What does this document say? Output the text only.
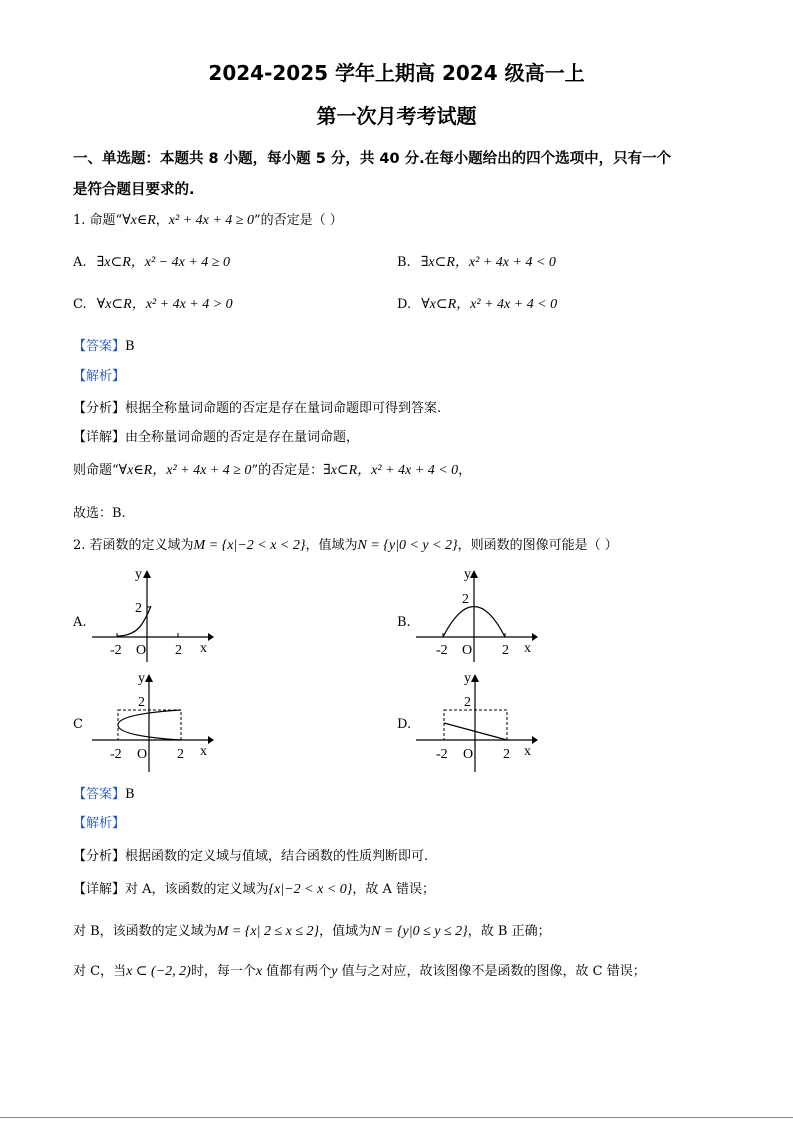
2024-2025 学年上期高 2024 级高一上
第一次月考考试题
一、单选题：本题共 8 小题，每小题 5 分，共 40 分.在每小题给出的四个选项中，只有一个
是符合题目要求的.
1. 命题“∀x∈R，x² + 4x + 4 ≥ 0”的否定是（ ）
A. ∃x⊂R，x² − 4x + 4 ≥ 0	B. ∃x⊂R，x² + 4x + 4 < 0
C. ∀x⊂R，x² + 4x + 4 > 0	D. ∀x⊂R，x² + 4x + 4 < 0
【答案】B
【解析】
【分析】根据全称量词命题的否定是存在量词命题即可得到答案.
【详解】由全称量词命题的否定是存在量词命题，
则命题“∀x∈R，x² + 4x + 4 ≥ 0”的否定是：∃x⊂R，x² + 4x + 4 < 0，
故选：B.
2. 若函数的定义域为M = {x|−2 < x < 2}，值域为N = {y|0 < y < 2}，则函数的图像可能是（ ）
A.	B.
C	D.
y
x
2
-2 O 2
y
x
2
-2 O 2
y
x
2
-2 O 2
y
x
2
-2 O 2
【答案】B
【解析】
【分析】根据函数的定义域与值域，结合函数的性质判断即可.
【详解】对 A，该函数的定义域为{x|−2 < x < 0}，故 A 错误；
对 B，该函数的定义域为M = {x| 2 ≤ x ≤ 2}，值域为N = {y|0 ≤ y ≤ 2}，故 B 正确；
对 C，当x ⊂ (−2, 2)时，每一个x 值都有两个y 值与之对应，故该图像不是函数的图像，故 C 错误；
